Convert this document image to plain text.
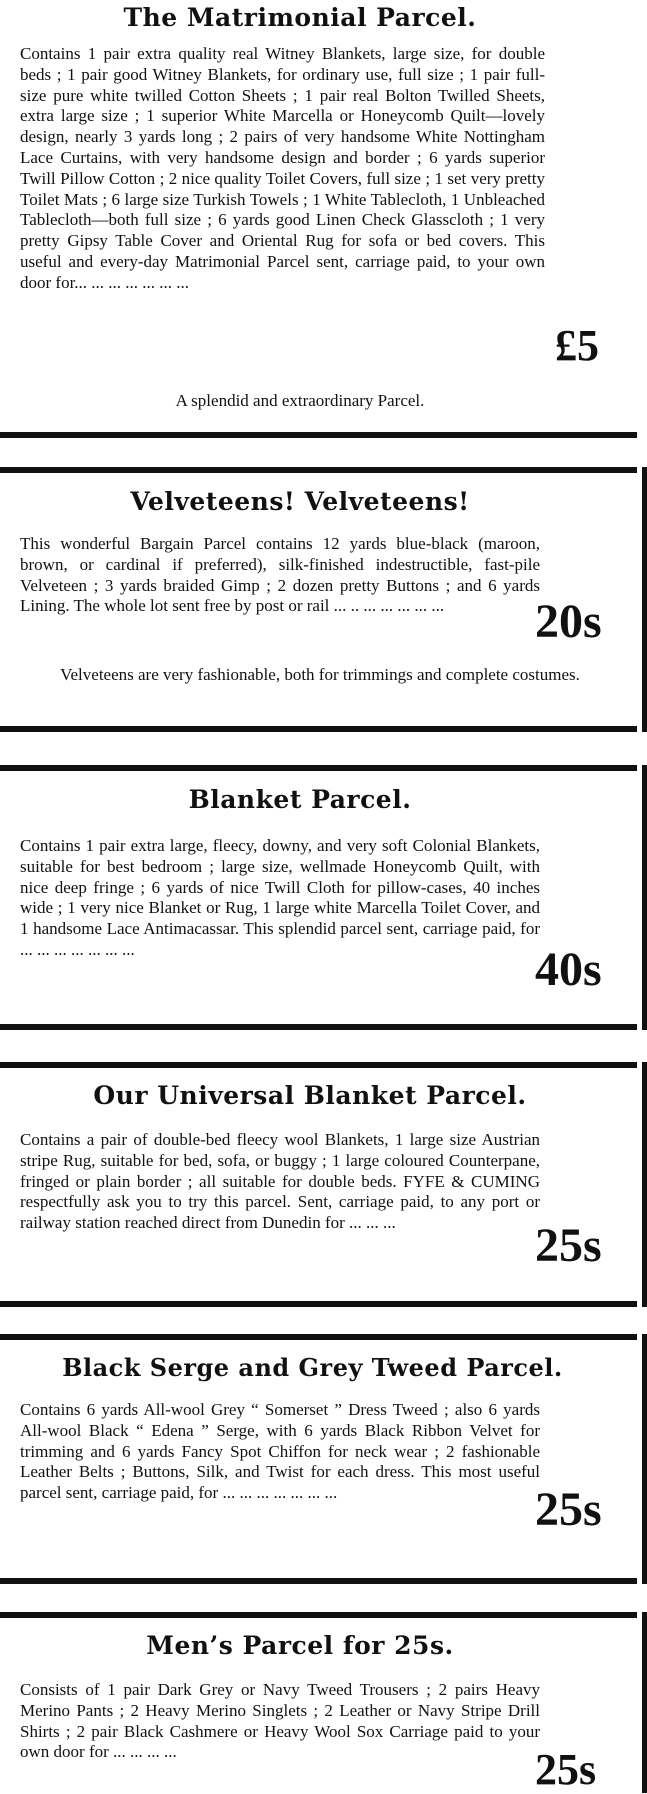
The Matrimonial Parcel.
Contains 1 pair extra quality real Witney Blankets, large size, for double beds ; 1 pair good Witney Blankets, for ordinary use, full size ; 1 pair full-size pure white twilled Cotton Sheets ; 1 pair real Bolton Twilled Sheets, extra large size ; 1 superior White Marcella or Honeycomb Quilt—lovely design, nearly 3 yards long ; 2 pairs of very handsome White Nottingham Lace Curtains, with very handsome design and border ; 6 yards superior Twill Pillow Cotton ; 2 nice quality Toilet Covers, full size ; 1 set very pretty Toilet Mats ; 6 large size Turkish Towels ; 1 White Tablecloth, 1 Unbleached Tablecloth—both full size ; 6 yards good Linen Check Glasscloth ; 1 very pretty Gipsy Table Cover and Oriental Rug for sofa or bed covers. This useful and every-day Matrimonial Parcel sent, carriage paid, to your own door for... ... ... ... ... ... ...
£5
A splendid and extraordinary Parcel.
Velveteens! Velveteens!
This wonderful Bargain Parcel contains 12 yards blue-black (maroon, brown, or cardinal if preferred), silk-finished indestructible, fast-pile Velveteen ; 3 yards braided Gimp ; 2 dozen pretty Buttons ; and 6 yards Lining. The whole lot sent free by post or rail ... .. ... ... ... ... ...	20s
Velveteens are very fashionable, both for trimmings and complete costumes.
Blanket Parcel.
Contains 1 pair extra large, fleecy, downy, and very soft Colonial Blankets, suitable for best bedroom ; large size, wellmade Honeycomb Quilt, with nice deep fringe ; 6 yards of nice Twill Cloth for pillow-cases, 40 inches wide ; 1 very nice Blanket or Rug, 1 large white Marcella Toilet Cover, and 1 handsome Lace Antimacassar. This splendid parcel sent, carriage paid, for ... ... ... ... ... ... ...	40s
Our Universal Blanket Parcel.
Contains a pair of double-bed fleecy wool Blankets, 1 large size Austrian stripe Rug, suitable for bed, sofa, or buggy ; 1 large coloured Counterpane, fringed or plain border ; all suitable for double beds. FYFE & CUMING respectfully ask you to try this parcel. Sent, carriage paid, to any port or railway station reached direct from Dunedin for ... ... ...	25s
Black Serge and Grey Tweed Parcel.
Contains 6 yards All-wool Grey “ Somerset ” Dress Tweed ; also 6 yards All-wool Black “ Edena ” Serge, with 6 yards Black Ribbon Velvet for trimming and 6 yards Fancy Spot Chiffon for neck wear ; 2 fashionable Leather Belts ; Buttons, Silk, and Twist for each dress. This most useful parcel sent, carriage paid, for ... ... ... ... ... ... ...	25s
Men’s Parcel for 25s.
Consists of 1 pair Dark Grey or Navy Tweed Trousers ; 2 pairs Heavy Merino Pants ; 2 Heavy Merino Singlets ; 2 Leather or Navy Stripe Drill Shirts ; 2 pair Black Cashmere or Heavy Wool Sox Carriage paid to your own door for ... ... ... ...	25s
